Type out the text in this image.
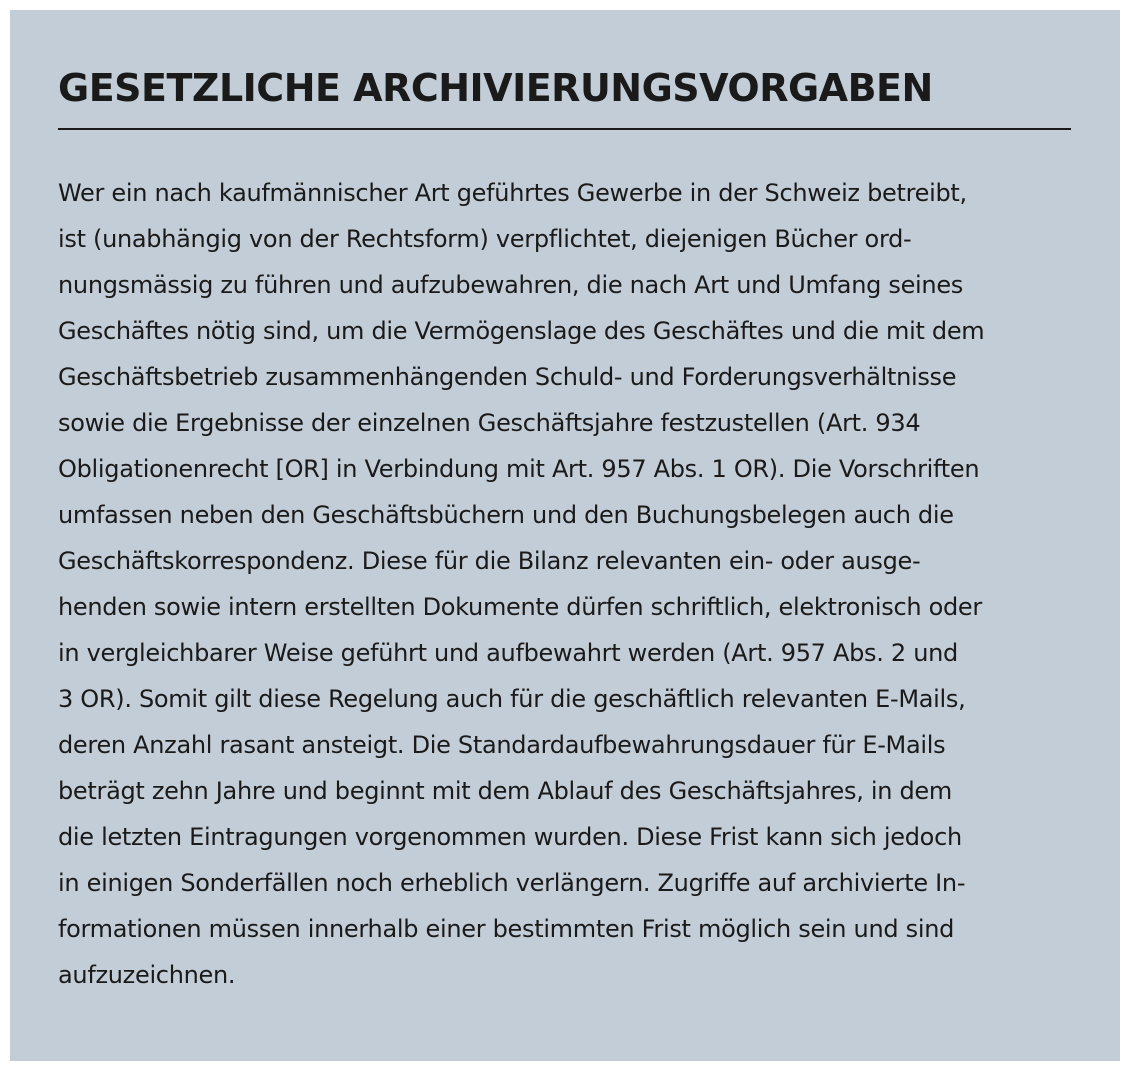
GESETZLICHE ARCHIVIERUNGSVORGABEN
Wer ein nach kaufmännischer Art geführtes Gewerbe in der Schweiz betreibt,
ist (unabhängig von der Rechtsform) verpflichtet, diejenigen Bücher ord-
nungsmässig zu führen und aufzubewahren, die nach Art und Umfang seines
Geschäftes nötig sind, um die Vermögenslage des Geschäftes und die mit dem
Geschäftsbetrieb zusammenhängenden Schuld- und Forderungsverhältnisse
sowie die Ergebnisse der einzelnen Geschäftsjahre festzustellen (Art. 934
Obligationenrecht [OR] in Verbindung mit Art. 957 Abs. 1 OR). Die Vorschriften
umfassen neben den Geschäftsbüchern und den Buchungsbelegen auch die
Geschäftskorrespondenz. Diese für die Bilanz relevanten ein- oder ausge-
henden sowie intern erstellten Dokumente dürfen schriftlich, elektronisch oder
in vergleichbarer Weise geführt und aufbewahrt werden (Art. 957 Abs. 2 und
3 OR). Somit gilt diese Regelung auch für die geschäftlich relevanten E-Mails,
deren Anzahl rasant ansteigt. Die Standardaufbewahrungsdauer für E-Mails
beträgt zehn Jahre und beginnt mit dem Ablauf des Geschäftsjahres, in dem
die letzten Eintragungen vorgenommen wurden. Diese Frist kann sich jedoch
in einigen Sonderfällen noch erheblich verlängern. Zugriffe auf archivierte In-
formationen müssen innerhalb einer bestimmten Frist möglich sein und sind
aufzuzeichnen.
